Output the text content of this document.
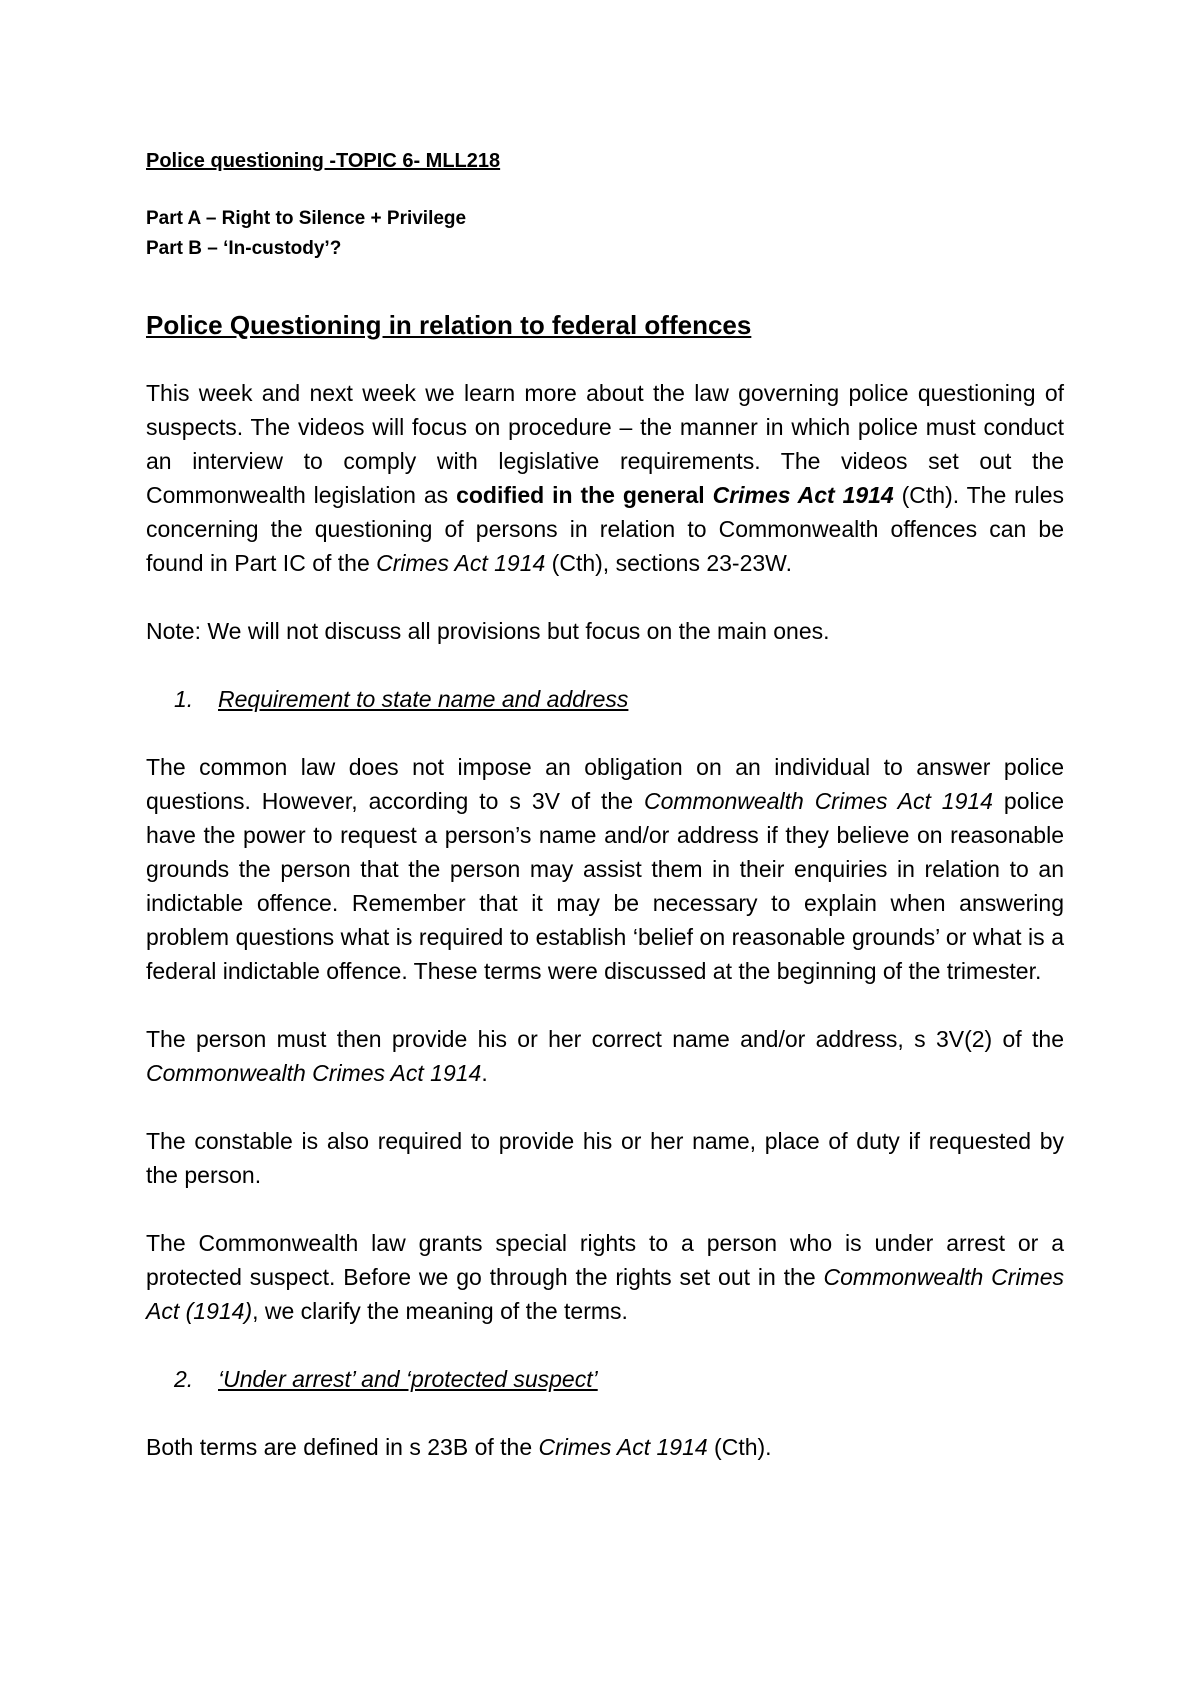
Police questioning -TOPIC 6- MLL218
Part A – Right to Silence + Privilege
Part B – ‘In-custody’?
Police Questioning in relation to federal offences

This week and next week we learn more about the law governing police questioning of suspects. The videos will focus on procedure – the manner in which police must conduct an interview to comply with legislative requirements. The videos set out the Commonwealth legislation as codified in the general Crimes Act 1914 (Cth). The rules concerning the questioning of persons in relation to Commonwealth offences can be found in Part IC of the Crimes Act 1914 (Cth), sections 23-23W.

Note: We will not discuss all provisions but focus on the main ones.

1. Requirement to state name and address

The common law does not impose an obligation on an individual to answer police questions. However, according to s 3V of the Commonwealth Crimes Act 1914 police have the power to request a person’s name and/or address if they believe on reasonable grounds the person that the person may assist them in their enquiries in relation to an indictable offence. Remember that it may be necessary to explain when answering problem questions what is required to establish ‘belief on reasonable grounds’ or what is a federal indictable offence. These terms were discussed at the beginning of the trimester.

The person must then provide his or her correct name and/or address, s 3V(2) of the Commonwealth Crimes Act 1914.

The constable is also required to provide his or her name, place of duty if requested by the person.

The Commonwealth law grants special rights to a person who is under arrest or a protected suspect. Before we go through the rights set out in the Commonwealth Crimes Act (1914), we clarify the meaning of the terms.

2. ‘Under arrest’ and ‘protected suspect’

Both terms are defined in s 23B of the Crimes Act 1914 (Cth).
